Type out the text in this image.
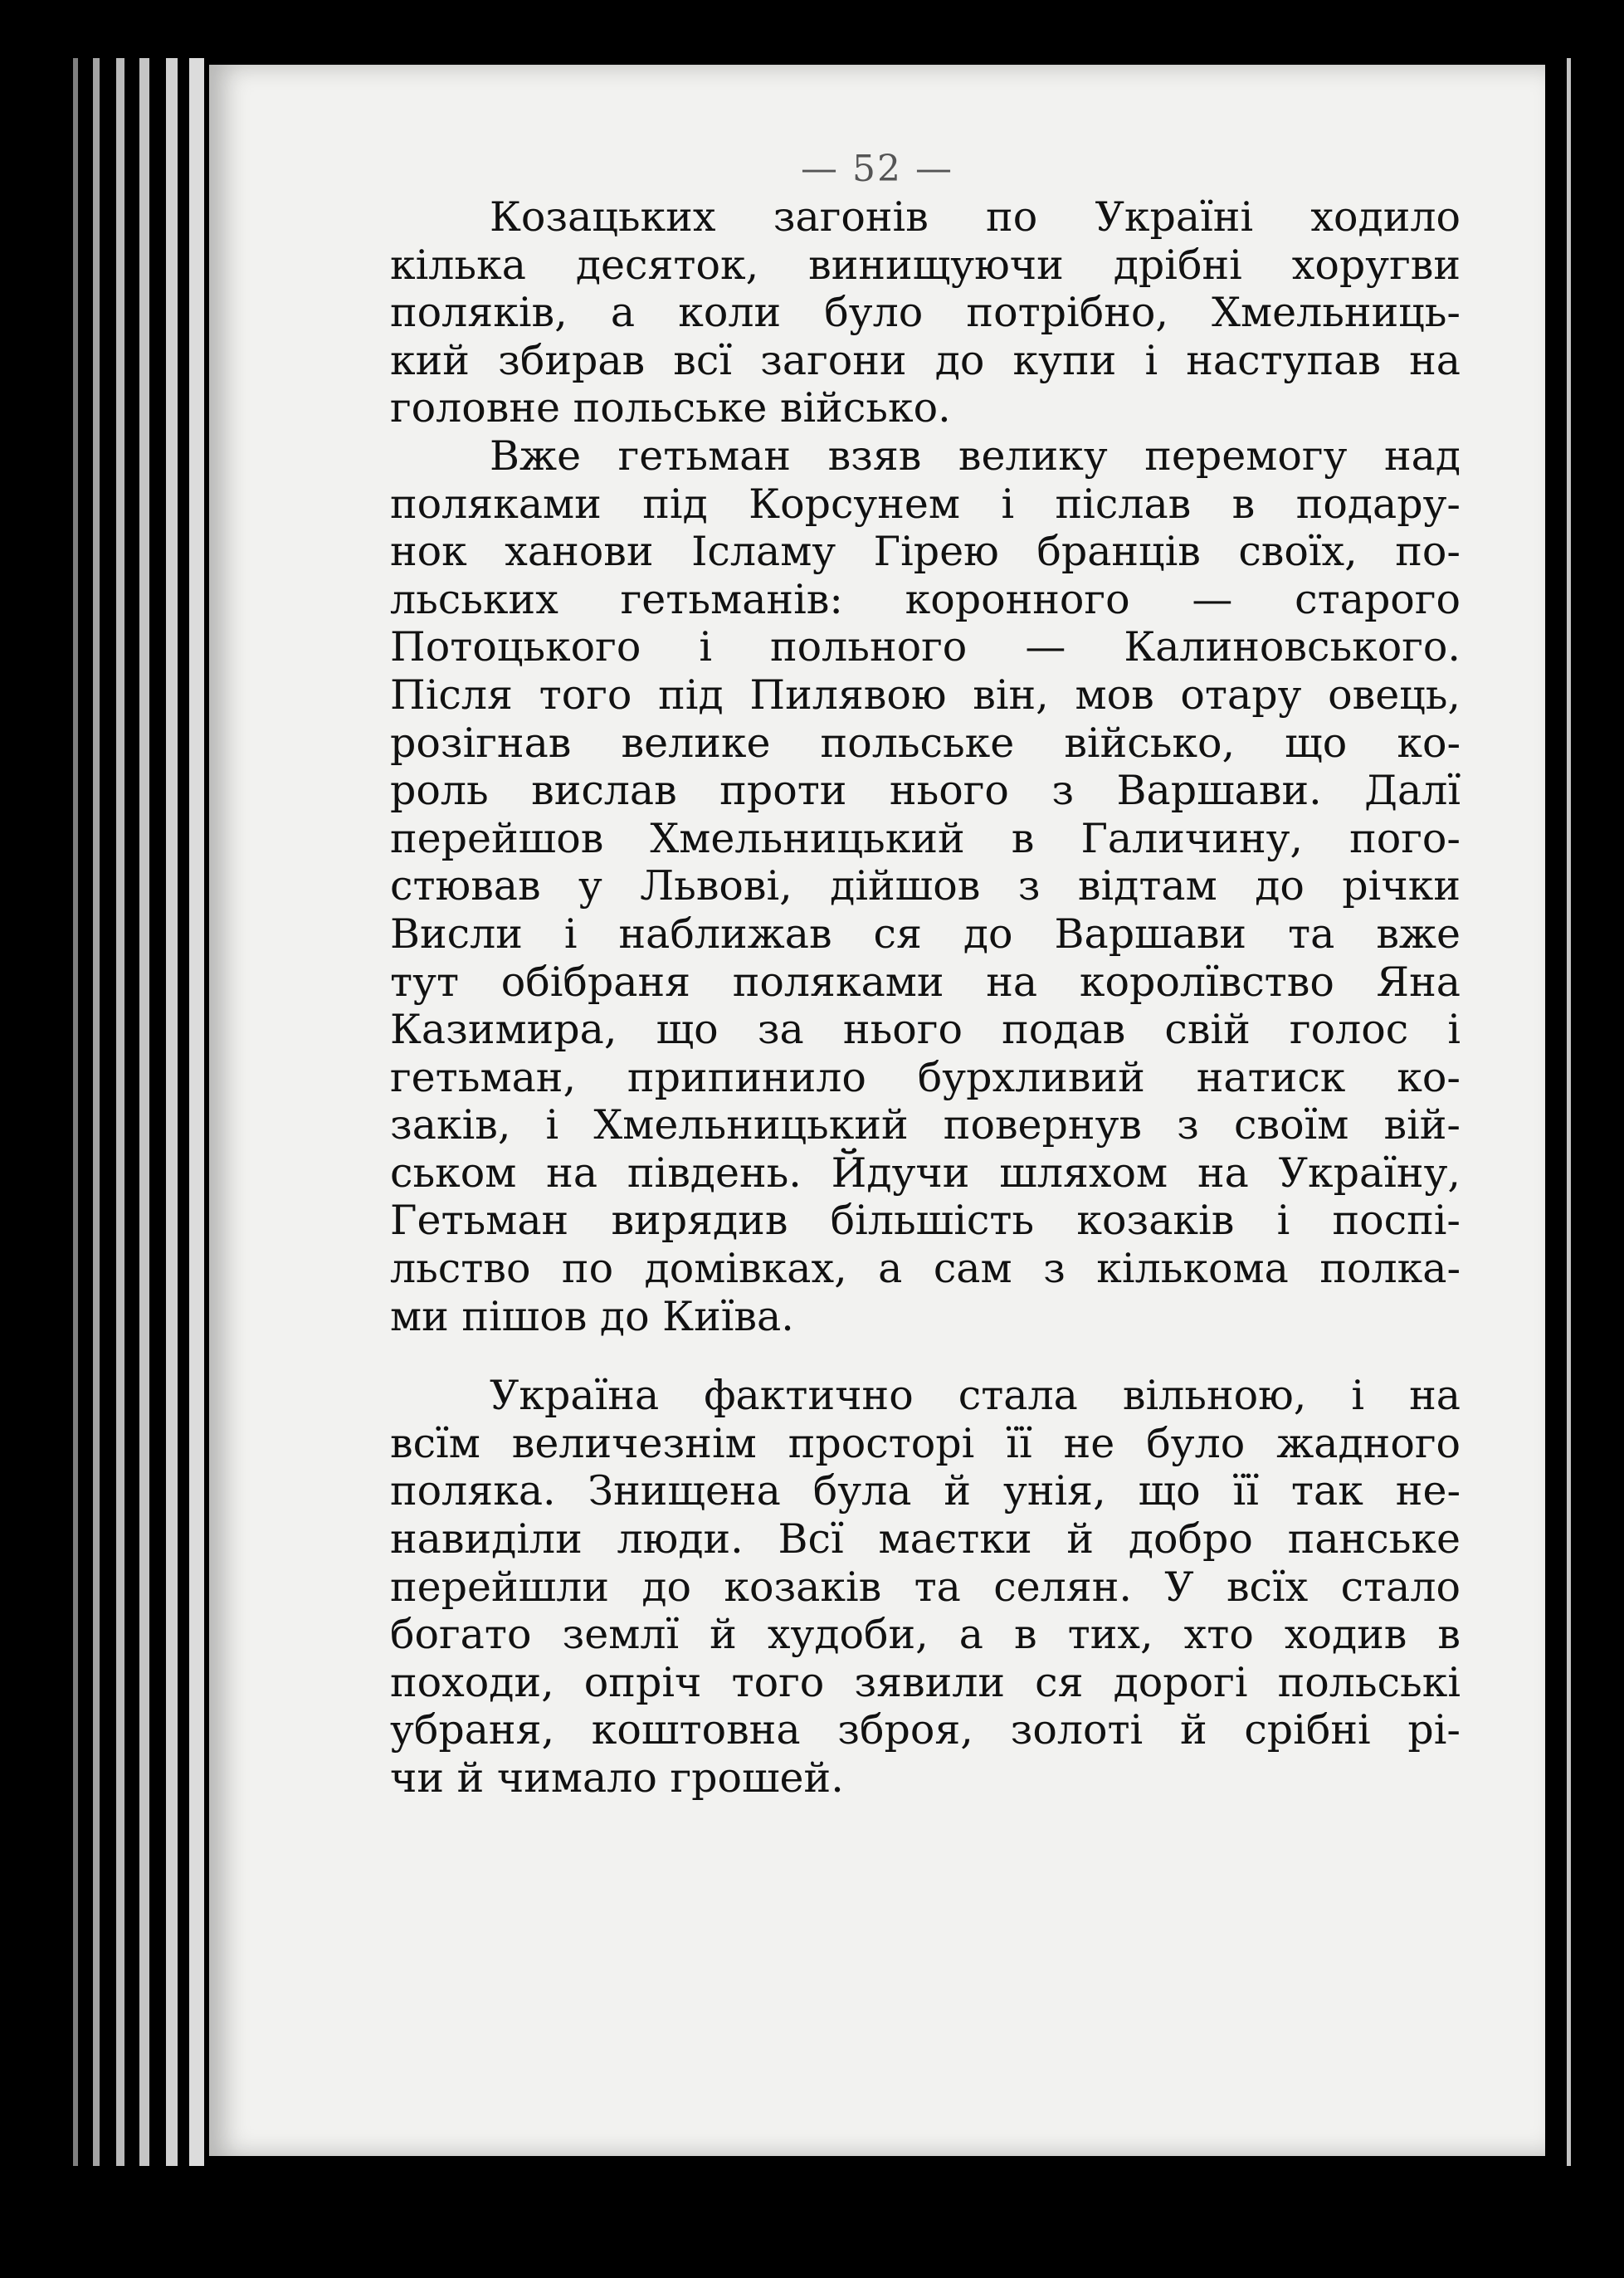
— 52 —
Козацьких загонів по Україні ходило
кілька десяток, винищуючи дрібні хоругви
поляків, а коли було потрібно, Хмельниць-
кий збирав всї загони до купи і наступав на
головне польське військо.
Вже гетьман взяв велику перемогу над
поляками під Корсунем і післав в подару-
нок ханови Ісламу Гірею бранців своїх, по-
льських гетьманів: коронного — старого
Потоцького і польного — Калиновського.
Після того під Пилявою він, мов отару овець,
розігнав велике польське військо, що ко-
роль вислав проти нього з Варшави. Далї
перейшов Хмельницький в Галичину, пого-
стював у Львові, дійшов з відтам до річки
Висли і наближав ся до Варшави та вже
тут обібраня поляками на королївство Яна
Казимира, що за нього подав свій голос і
гетьман, припинило бурхливий натиск ко-
заків, і Хмельницький повернув з своїм вій-
ськом на південь. Йдучи шляхом на Україну,
Гетьман вирядив більшість козаків і поспі-
льство по домівках, а сам з кількома полка-
ми пішов до Київа.
Україна фактично стала вільною, і на
всїм величезнім просторі її не було жадного
поляка. Знищена була й унія, що її так не-
навиділи люди. Всї маєтки й добро панське
перейшли до козаків та селян. У всїх стало
богато землї й худоби, а в тих, хто ходив в
походи, опріч того зявили ся дорогі польські
убраня, коштовна зброя, золоті й срібні рі-
чи й чимало грошей.
